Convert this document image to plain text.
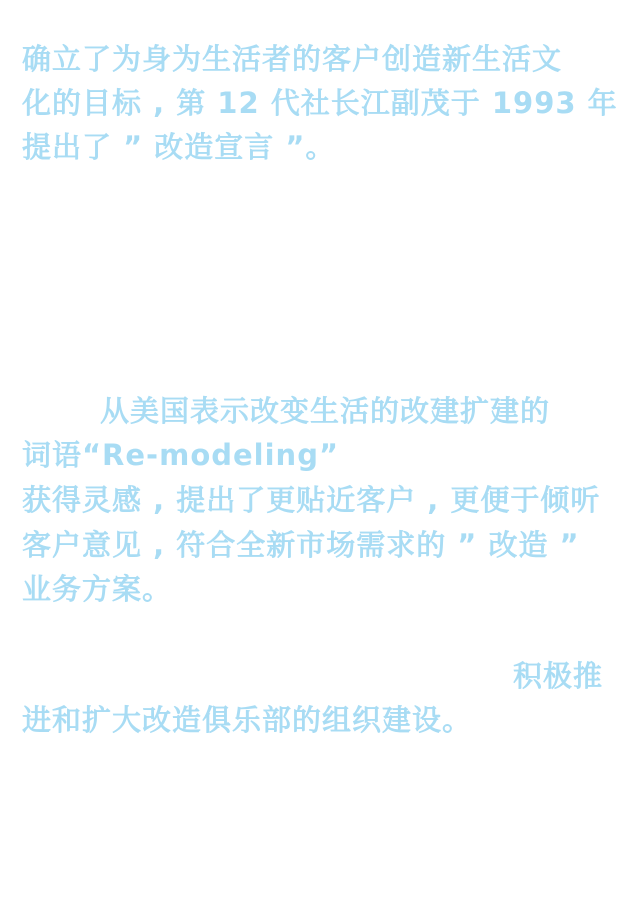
确立了为身为生活者的客户创造新生活文
化的目标 , 第 12 代社长江副茂于 1993 年
提出了 ” 改造宣言 ”。
从美国表示改变生活的改建扩建的
词语“Re-modeling”
获得灵感 , 提出了更贴近客户 , 更便于倾听
客户意见 , 符合全新市场需求的 ” 改造 ”
业务方案。
积极推
进和扩大改造俱乐部的组织建设。
